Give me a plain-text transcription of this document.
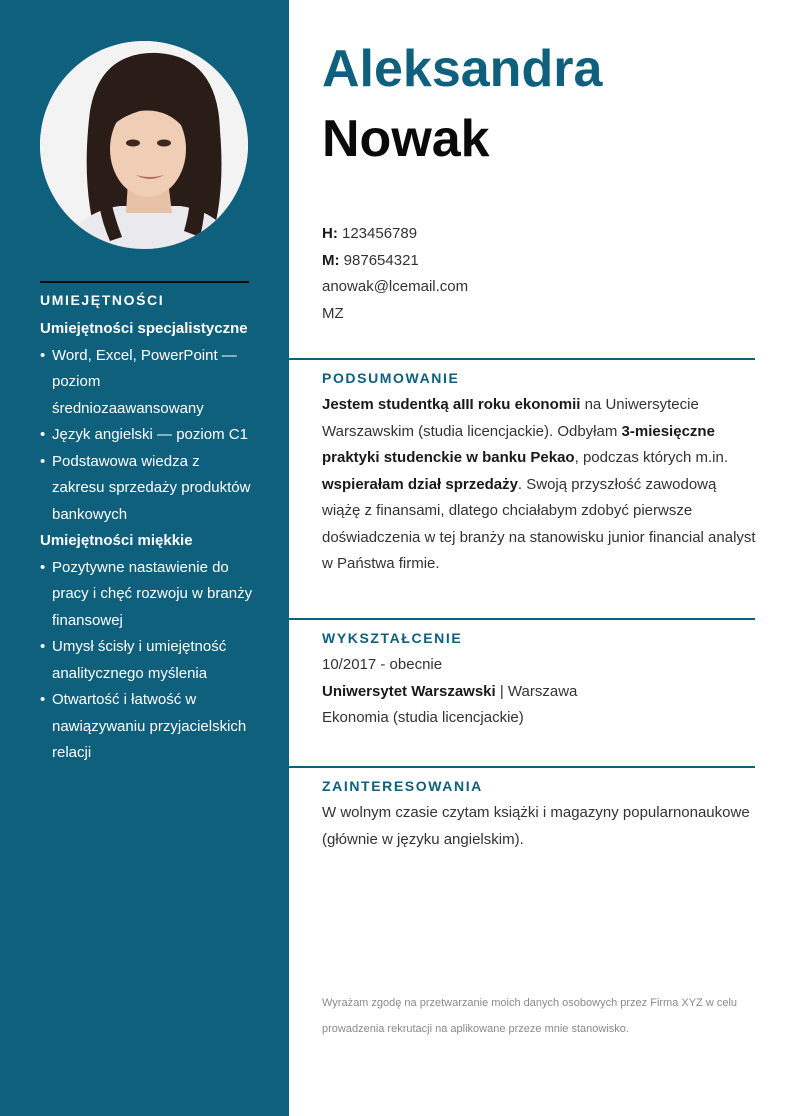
UMIEJĘTNOŚCI
Umiejętności specjalistyczne
• Word, Excel, PowerPoint — poziom średniozaawansowany
• Język angielski — poziom C1
• Podstawowa wiedza z zakresu sprzedaży produktów bankowych
Umiejętności miękkie
• Pozytywne nastawienie do pracy i chęć rozwoju w branży finansowej
• Umysł ścisły i umiejętność analitycznego myślenia
• Otwartość i łatwość w nawiązywaniu przyjacielskich relacji
Aleksandra
Nowak
H: 123456789
M: 987654321
anowak@lcemail.com
MZ
PODSUMOWANIE
Jestem studentką aIII roku ekonomii na Uniwersytecie Warszawskim (studia licencjackie). Odbyłam 3-miesięczne praktyki studenckie w banku Pekao, podczas których m.in. wspierałam dział sprzedaży. Swoją przyszłość zawodową wiążę z finansami, dlatego chciałabym zdobyć pierwsze doświadczenia w tej branży na stanowisku junior financial analyst w Państwa firmie.
WYKSZTAŁCENIE
10/2017 - obecnie
Uniwersytet Warszawski | Warszawa
Ekonomia (studia licencjackie)
ZAINTERESOWANIA
W wolnym czasie czytam książki i magazyny popularnonaukowe (głównie w języku angielskim).
Wyrażam zgodę na przetwarzanie moich danych osobowych przez Firma XYZ w celu prowadzenia rekrutacji na aplikowane przeze mnie stanowisko.
